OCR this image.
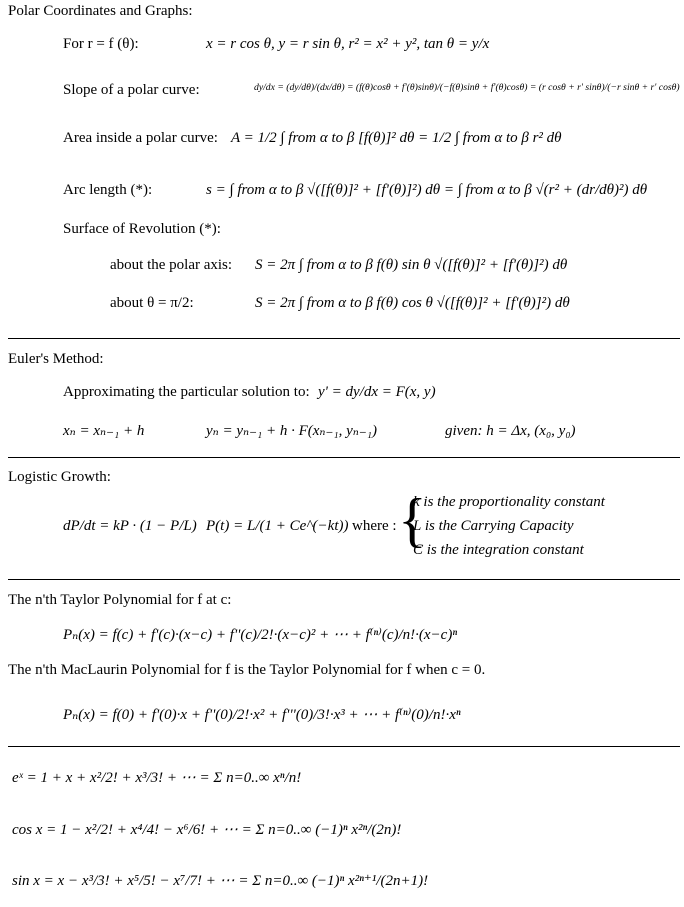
Polar Coordinates and Graphs:
For r = f (θ):	x = r cos θ, y = r sin θ, r² = x² + y², tan θ = y/x
Slope of a polar curve:	dy/dx = (dy/dθ)/(dx/dθ) = (f(θ)cosθ + f'(θ)sinθ)/(−f(θ)sinθ + f'(θ)cosθ) = (r cosθ + r' sinθ)/(−r sinθ + r' cosθ)
Area inside a polar curve: A = 1/2 ∫ from α to β [f(θ)]² dθ = 1/2 ∫ from α to β r² dθ
Arc length (*):	s = ∫ from α to β √([f(θ)]² + [f'(θ)]²) dθ = ∫ from α to β √(r² + (dr/dθ)²) dθ
Surface of Revolution (*):
about the polar axis: S = 2π ∫ from α to β f(θ) sin θ √([f(θ)]² + [f'(θ)]²) dθ
about θ = π/2:	S = 2π ∫ from α to β f(θ) cos θ √([f(θ)]² + [f'(θ)]²) dθ
Euler's Method:
Approximating the particular solution to: y' = dy/dx = F(x, y)
xₙ = xₙ₋₁ + h	yₙ = yₙ₋₁ + h · F(xₙ₋₁, yₙ₋₁)	given: h = Δx, (x₀, y₀)
Logistic Growth:
dP/dt = kP · (1 − P/L) P(t) = L/(1 + Ce^(−kt)) where : {
k is the proportionality constant
L is the Carrying Capacity
C is the integration constant
The n'th Taylor Polynomial for f at c:
Pₙ(x) = f(c) + f'(c)·(x−c) + f''(c)/2!·(x−c)² + ⋯ + f⁽ⁿ⁾(c)/n!·(x−c)ⁿ
The n'th MacLaurin Polynomial for f is the Taylor Polynomial for f when c = 0.
Pₙ(x) = f(0) + f'(0)·x + f''(0)/2!·x² + f'''(0)/3!·x³ + ⋯ + f⁽ⁿ⁾(0)/n!·xⁿ
eˣ = 1 + x + x²/2! + x³/3! + ⋯ = Σ n=0..∞ xⁿ/n!
cos x = 1 − x²/2! + x⁴/4! − x⁶/6! + ⋯ = Σ n=0..∞ (−1)ⁿ x²ⁿ/(2n)!
sin x = x − x³/3! + x⁵/5! − x⁷/7! + ⋯ = Σ n=0..∞ (−1)ⁿ x²ⁿ⁺¹/(2n+1)!
